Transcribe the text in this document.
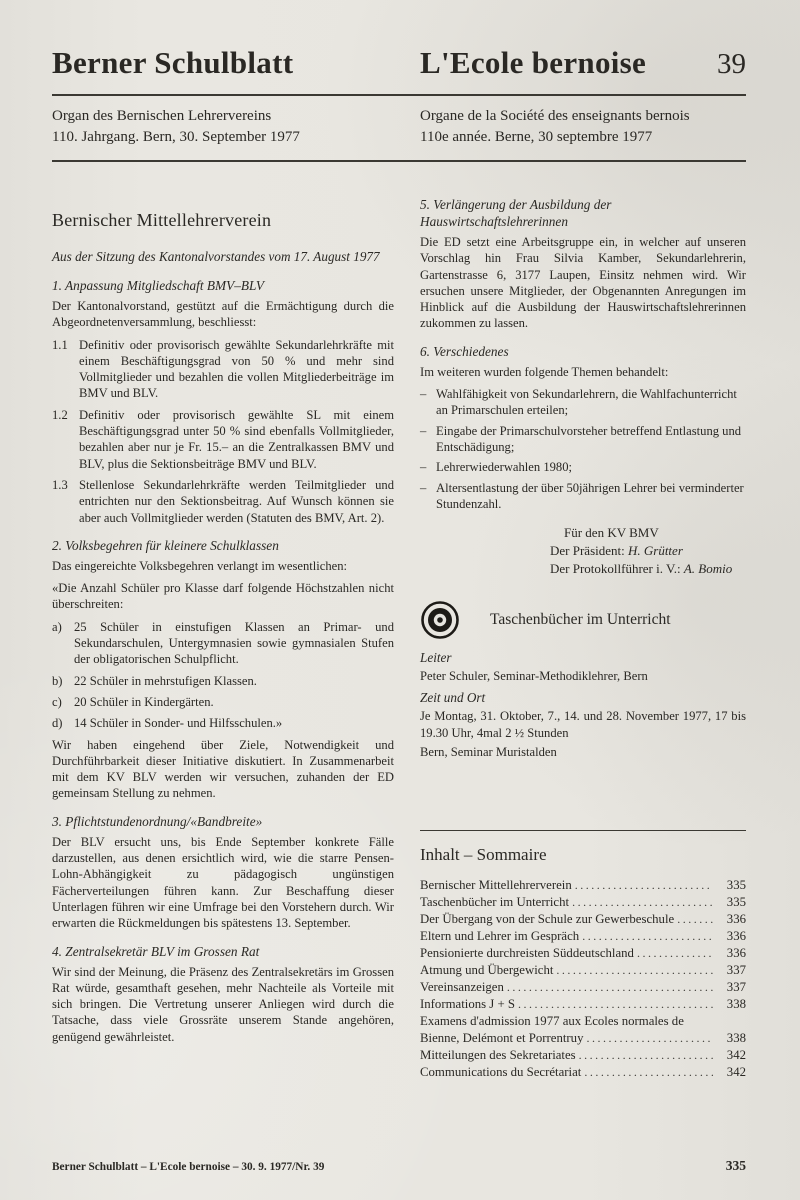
Berner Schulblatt	L'Ecole bernoise 39
Organ des Bernischen Lehrervereins
110. Jahrgang. Bern, 30. September 1977
Organe de la Société des enseignants bernois
110e année. Berne, 30 septembre 1977
Bernischer Mittellehrerverein

Aus der Sitzung des Kantonalvorstandes vom 17. August 1977

1. Anpassung Mitgliedschaft BMV–BLV

Der Kantonalvorstand, gestützt auf die Ermächtigung durch die Abgeordnetenversammlung, beschliesst:

1.1 Definitiv oder provisorisch gewählte Sekundarlehrkräfte mit einem Beschäftigungsgrad von 50 % und mehr sind Vollmitglieder und bezahlen die vollen Mitgliederbeiträge im BMV und BLV.
1.2 Definitiv oder provisorisch gewählte SL mit einem Beschäftigungsgrad unter 50 % sind ebenfalls Vollmitglieder, bezahlen aber nur je Fr. 15.– an die Zentralkassen BMV und BLV, plus die Sektionsbeiträge BMV und BLV.
1.3 Stellenlose Sekundarlehrkräfte werden Teilmitglieder und entrichten nur den Sektionsbeitrag. Auf Wunsch können sie aber auch Vollmitglieder werden (Statuten des BMV, Art. 2).
2. Volksbegehren für kleinere Schulklassen

Das eingereichte Volksbegehren verlangt im wesentlichen:

«Die Anzahl Schüler pro Klasse darf folgende Höchstzahlen nicht überschreiten:

a) 25 Schüler in einstufigen Klassen an Primar- und Sekundarschulen, Untergymnasien sowie gymnasialen Stufen der obligatorischen Schulpflicht.
b) 22 Schüler in mehrstufigen Klassen.
c) 20 Schüler in Kindergärten.
d) 14 Schüler in Sonder- und Hilfsschulen.»

Wir haben eingehend über Ziele, Notwendigkeit und Durchführbarkeit dieser Initiative diskutiert. In Zusammenarbeit mit dem KV BLV werden wir versuchen, zuhanden der ED gemeinsam Stellung zu nehmen.

3. Pflichtstundenordnung/«Bandbreite»

Der BLV ersucht uns, bis Ende September konkrete Fälle darzustellen, aus denen ersichtlich wird, wie die starre Pensen-Lohn-Abhängigkeit zu pädagogisch ungünstigen Fächerverteilungen führen kann. Zur Beschaffung dieser Unterlagen führen wir eine Umfrage bei den Vorstehern durch. Wir erwarten die Rückmeldungen bis spätestens 13. September.

4. Zentralsekretär BLV im Grossen Rat

Wir sind der Meinung, die Präsenz des Zentralsekretärs im Grossen Rat würde, gesamthaft gesehen, mehr Nachteile als Vorteile mit sich bringen. Die Vertretung unserer Anliegen wird durch die Tatsache, dass viele Grossräte unserem Stande angehören, genügend gewährleistet.

5. Verlängerung der Ausbildung der Hauswirtschaftslehrerinnen

Die ED setzt eine Arbeitsgruppe ein, in welcher auf unseren Vorschlag hin Frau Silvia Kamber, Sekundarlehrerin, Gartenstrasse 6, 3177 Laupen, Einsitz nehmen wird. Wir ersuchen unsere Mitglieder, der Obgenannten Anregungen im Hinblick auf die Ausbildung der Hauswirtschaftslehrerinnen zukommen zu lassen.

6. Verschiedenes

Im weiteren wurden folgende Themen behandelt:

–
Wahlfähigkeit von Sekundarlehrern, die Wahlfachunterricht an Primarschulen erteilen;
–
Eingabe der Primarschulvorsteher betreffend Entlastung und Entschädigung;
–
Lehrerwiederwahlen 1980;
–
Altersentlastung der über 50jährigen Lehrer bei verminderter Stundenzahl.
Für den KV BMV
Der Präsident: H. Grütter
Der Protokollführer i. V.: A. Bomio
Taschenbücher im Unterricht

Leiter

Peter Schuler, Seminar-Methodiklehrer, Bern

Zeit und Ort

Je Montag, 31. Oktober, 7., 14. und 28. November 1977, 17 bis 19.30 Uhr, 4mal 2 ½ Stunden

Bern, Seminar Muristalden

Inhalt – Sommaire
Bernischer Mittellehrerverein .....	335
Taschenbücher im Unterricht .....	335
Der Übergang von der Schule zur Gewerbeschule .....	336
Eltern und Lehrer im Gespräch .....	336
Pensionierte durchreisten Süddeutschland .....	336
Atmung und Übergewicht .....	337
Vereinsanzeigen .....	337
Informations J + S .....	338
Examens d'admission 1977 aux Ecoles normales de
Bienne, Delémont et Porrentruy .....	338
Mitteilungen des Sekretariates .....	342
Communications du Secrétariat .....	342
Berner Schulblatt – L'Ecole bernoise – 30. 9. 1977/Nr. 39	335
